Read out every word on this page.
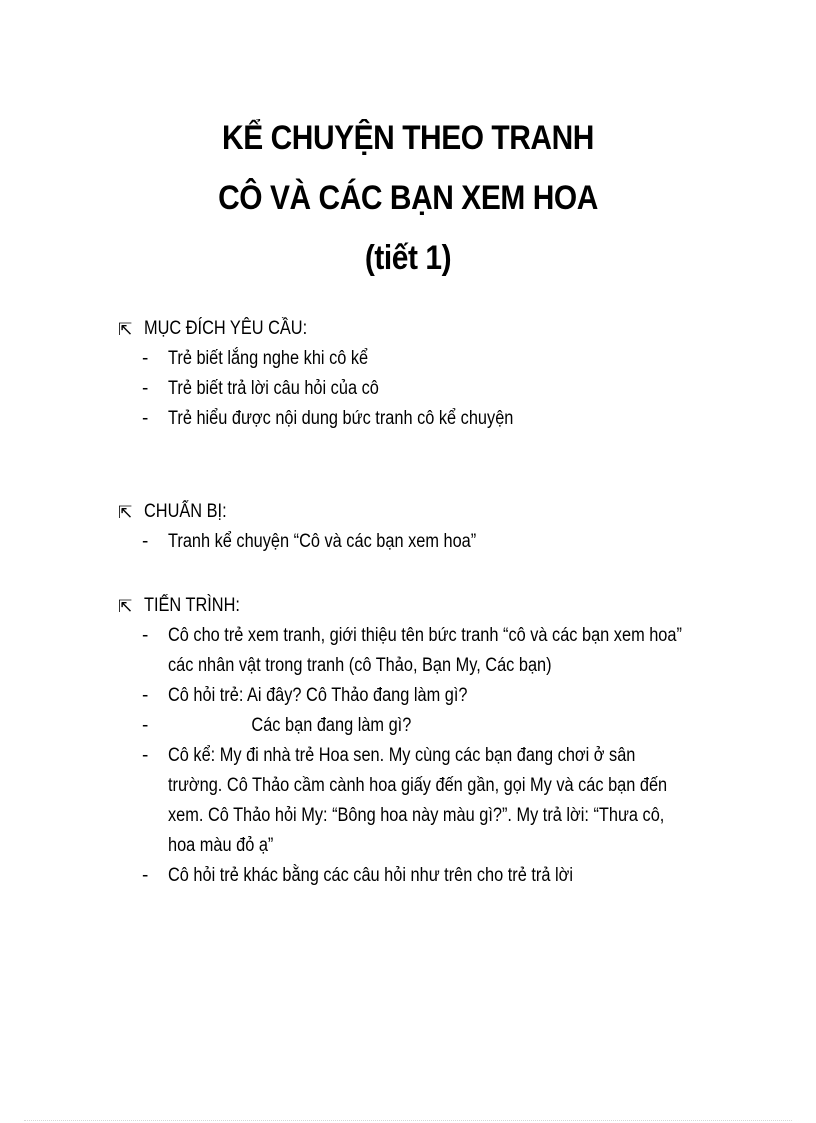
KỂ CHUYỆN THEO TRANH
CÔ VÀ CÁC BẠN XEM HOA
(tiết 1)
⇱ MỤC ĐÍCH YÊU CẦU:
- Trẻ biết lắng nghe khi cô kể
- Trẻ biết trả lời câu hỏi của cô
- Trẻ hiểu được nội dung bức tranh cô kể chuyện
⇱ CHUẨN BỊ:
- Tranh kể chuyện “Cô và các bạn xem hoa”
⇱ TIẾN TRÌNH:
- Cô cho trẻ xem tranh, giới thiệu tên bức tranh “cô và các bạn xem hoa”
các nhân vật trong tranh (cô Thảo, Bạn My, Các bạn)
- Cô hỏi trẻ: Ai đây? Cô Thảo đang làm gì?
-	Các bạn đang làm gì?
- Cô kể: My đi nhà trẻ Hoa sen. My cùng các bạn đang chơi ở sân
trường. Cô Thảo cầm cành hoa giấy đến gần, gọi My và các bạn đến
xem. Cô Thảo hỏi My: “Bông hoa này màu gì?”. My trả lời: “Thưa cô,
hoa màu đỏ ạ”
- Cô hỏi trẻ khác bằng các câu hỏi như trên cho trẻ trả lời
